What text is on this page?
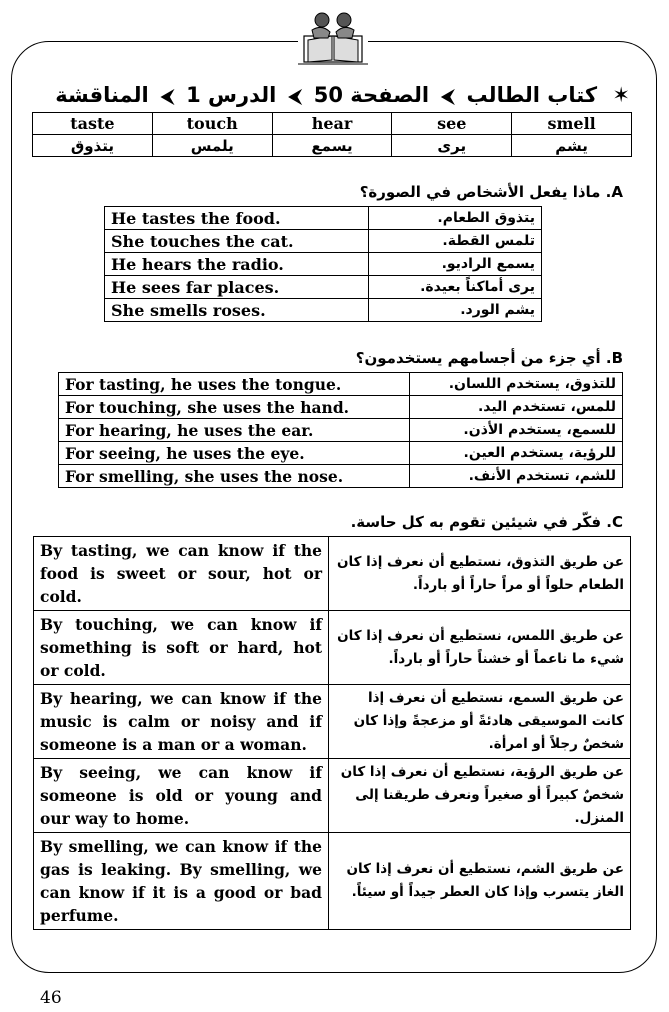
✶ كتاب الطالب ⮜ الصفحة 50 ⮜ الدرس 1 ⮜ المناقشة
taste	touch	hear	see	smell
يتذوق	يلمس	يسمع	يرى	يشم
A. ماذا يفعل الأشخاص في الصورة؟
He tastes the food.	يتذوق الطعام.
She touches the cat.	تلمس القطة.
He hears the radio.	يسمع الراديو.
He sees far places.	يرى أماكناً بعيدة.
She smells roses.	يشم الورد.
B. أي جزء من أجسامهم يستخدمون؟
For tasting, he uses the tongue.	للتذوق، يستخدم اللسان.
For touching, she uses the hand.	للمس، تستخدم اليد.
For hearing, he uses the ear.	للسمع، يستخدم الأذن.
For seeing, he uses the eye.	للرؤية، يستخدم العين.
For smelling, she uses the nose.	للشم، تستخدم الأنف.
C. فكّر في شيئين تقوم به كل حاسة.
By tasting, we can know if the food is sweet or sour, hot or cold.	عن طريق التذوق، نستطيع أن نعرف إذا كان الطعام حلواً أو مراً حاراً أو بارداً.
By touching, we can know if something is soft or hard, hot or cold.	عن طريق اللمس، نستطيع أن نعرف إذا كان شيء ما ناعماً أو خشناً حاراً أو بارداً.
By hearing, we can know if the music is calm or noisy and if someone is a man or a woman.	عن طريق السمع، نستطيع أن نعرف إذا كانت الموسيقى هادئةً أو مزعجةً وإذا كان شخصٌ رجلاً أو امرأة.
By seeing, we can know if someone is old or young and our way to home.	عن طريق الرؤية، نستطيع أن نعرف إذا كان شخصٌ كبيراً أو صغيراً ونعرف طريقنا إلى المنزل.
By smelling, we can know if the gas is leaking. By smelling, we can know if it is a good or bad perfume.	عن طريق الشم، نستطيع أن نعرف إذا كان الغاز يتسرب وإذا كان العطر جيداً أو سيئاً.
46
